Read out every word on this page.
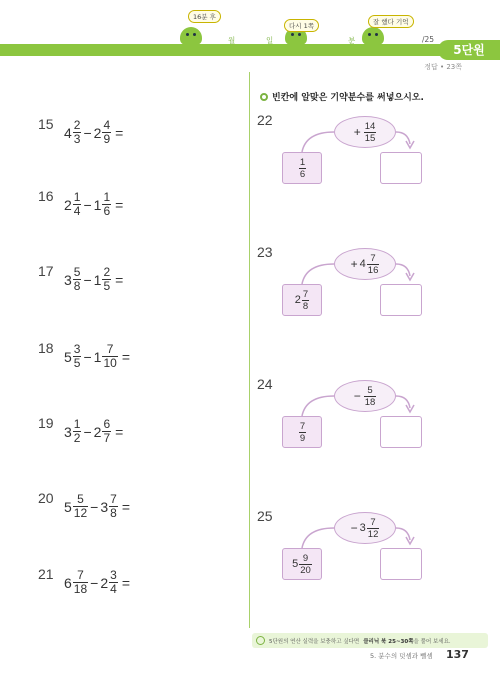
5단원
16분 후
다시 1쪽	잘 했다 기억
월	일	분	/25
정답 • 23쪽
빈칸에 알맞은 기약분수를 써넣으시오.
15
$4 \frac{2}{3} - 2 \frac{4}{9}$ =
16
$2 \frac{1}{4} - 1 \frac{1}{6}$ =
17
$3 \frac{5}{8} - 1 \frac{2}{5}$ =
18
$5 \frac{3}{5} - 1 \frac{7}{10}$ =
19
$3 \frac{1}{2} - 2 \frac{6}{7}$ =
20
$5 \frac{5}{12} - 3 \frac{7}{8}$ =
21
$6 \frac{7}{18} - 2 \frac{3}{4}$ =
22
+ $\frac{14}{15}$
$\frac{1}{6}$
23
+ $4 \frac{7}{16}$
$2 \frac{7}{8}$
24
− $\frac{5}{18}$
$\frac{7}{9}$
25
− $3 \frac{7}{12}$
$5 \frac{9}{20}$
5단원의 연산 실력을 보충하고 싶다면 클리닉 북 25~30쪽 을 풀어 보세요.
5. 분수의 덧셈과 뺄셈 137
